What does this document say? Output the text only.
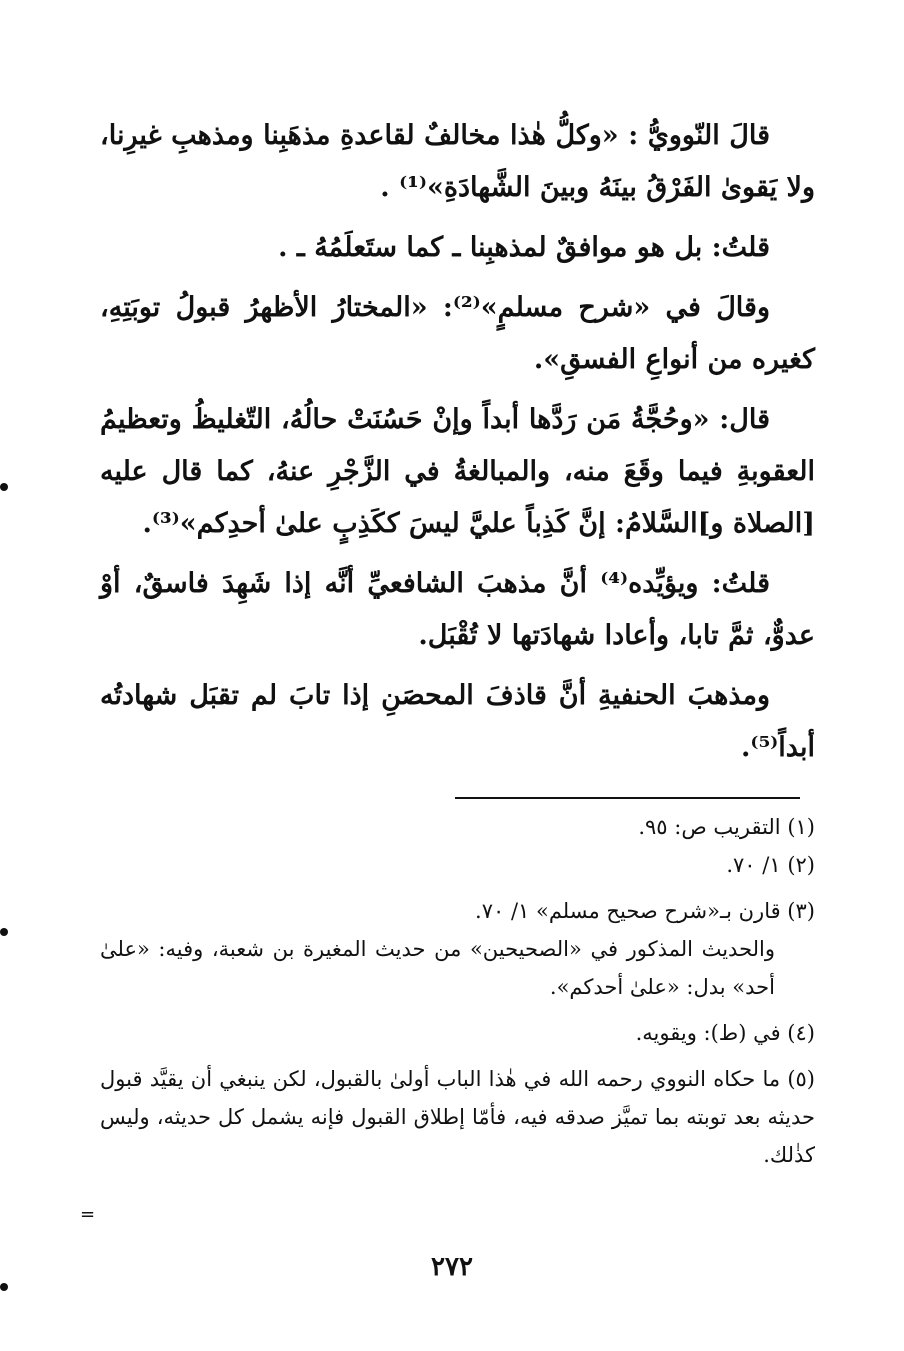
قالَ النّوويُّ : «وكلُّ هٰذا مخالفٌ لقاعدةِ مذهَبِنا ومذهبِ غيرِنا، ولا يَقوىٰ الفَرْقُ بينَهُ وبينَ الشَّهادَةِ»⁽¹⁾ .

قلتُ: بل هو موافقٌ لمذهبِنا ـ كما ستَعلَمُهُ ـ .

وقالَ في «شرح مسلمٍ»⁽²⁾: «المختارُ الأظهرُ قبولُ توبَتِهِ، كغيره من أنواعِ الفسقِ».

قال: «وحُجَّةُ مَن رَدَّها أبداً وإنْ حَسُنَتْ حالُهُ، التّغليظُ وتعظيمُ العقوبةِ فيما وقَعَ منه، والمبالغةُ في الزَّجْرِ عنهُ، كما قال عليه [الصلاة و]السَّلامُ: إنَّ كَذِباً عليَّ ليسَ ككَذِبٍ علىٰ أحدِكم»⁽³⁾.

قلتُ: ويؤيِّده⁽⁴⁾ أنَّ مذهبَ الشافعيِّ أنَّه إذا شَهِدَ فاسقٌ، أوْ عدوٌّ، ثمَّ تابا، وأعادا شهادَتها لا تُقْبَل.

ومذهبَ الحنفيةِ أنَّ قاذفَ المحصَنِ إذا تابَ لم تقبَل شهادتُه أبداً⁽⁵⁾.

(١) التقريب ص: ٩٥.

(٢) ١/ ٧٠.

(٣) قارن بـ«شرح صحيح مسلم» ١/ ٧٠.

والحديث المذكور في «الصحيحين» من حديث المغيرة بن شعبة، وفيه: «علىٰ أحد» بدل: «علىٰ أحدكم».

(٤) في (ط): ويقويه.

(٥) ما حكاه النووي رحمه الله في هٰذا الباب أولىٰ بالقبول، لكن ينبغي أن يقيَّد قبول حديثه بعد توبته بما تميَّز صدقه فيه، فأمّا إطلاق القبول فإنه يشمل كل حديثه، وليس كذٰلك.

٢٧٢
=
